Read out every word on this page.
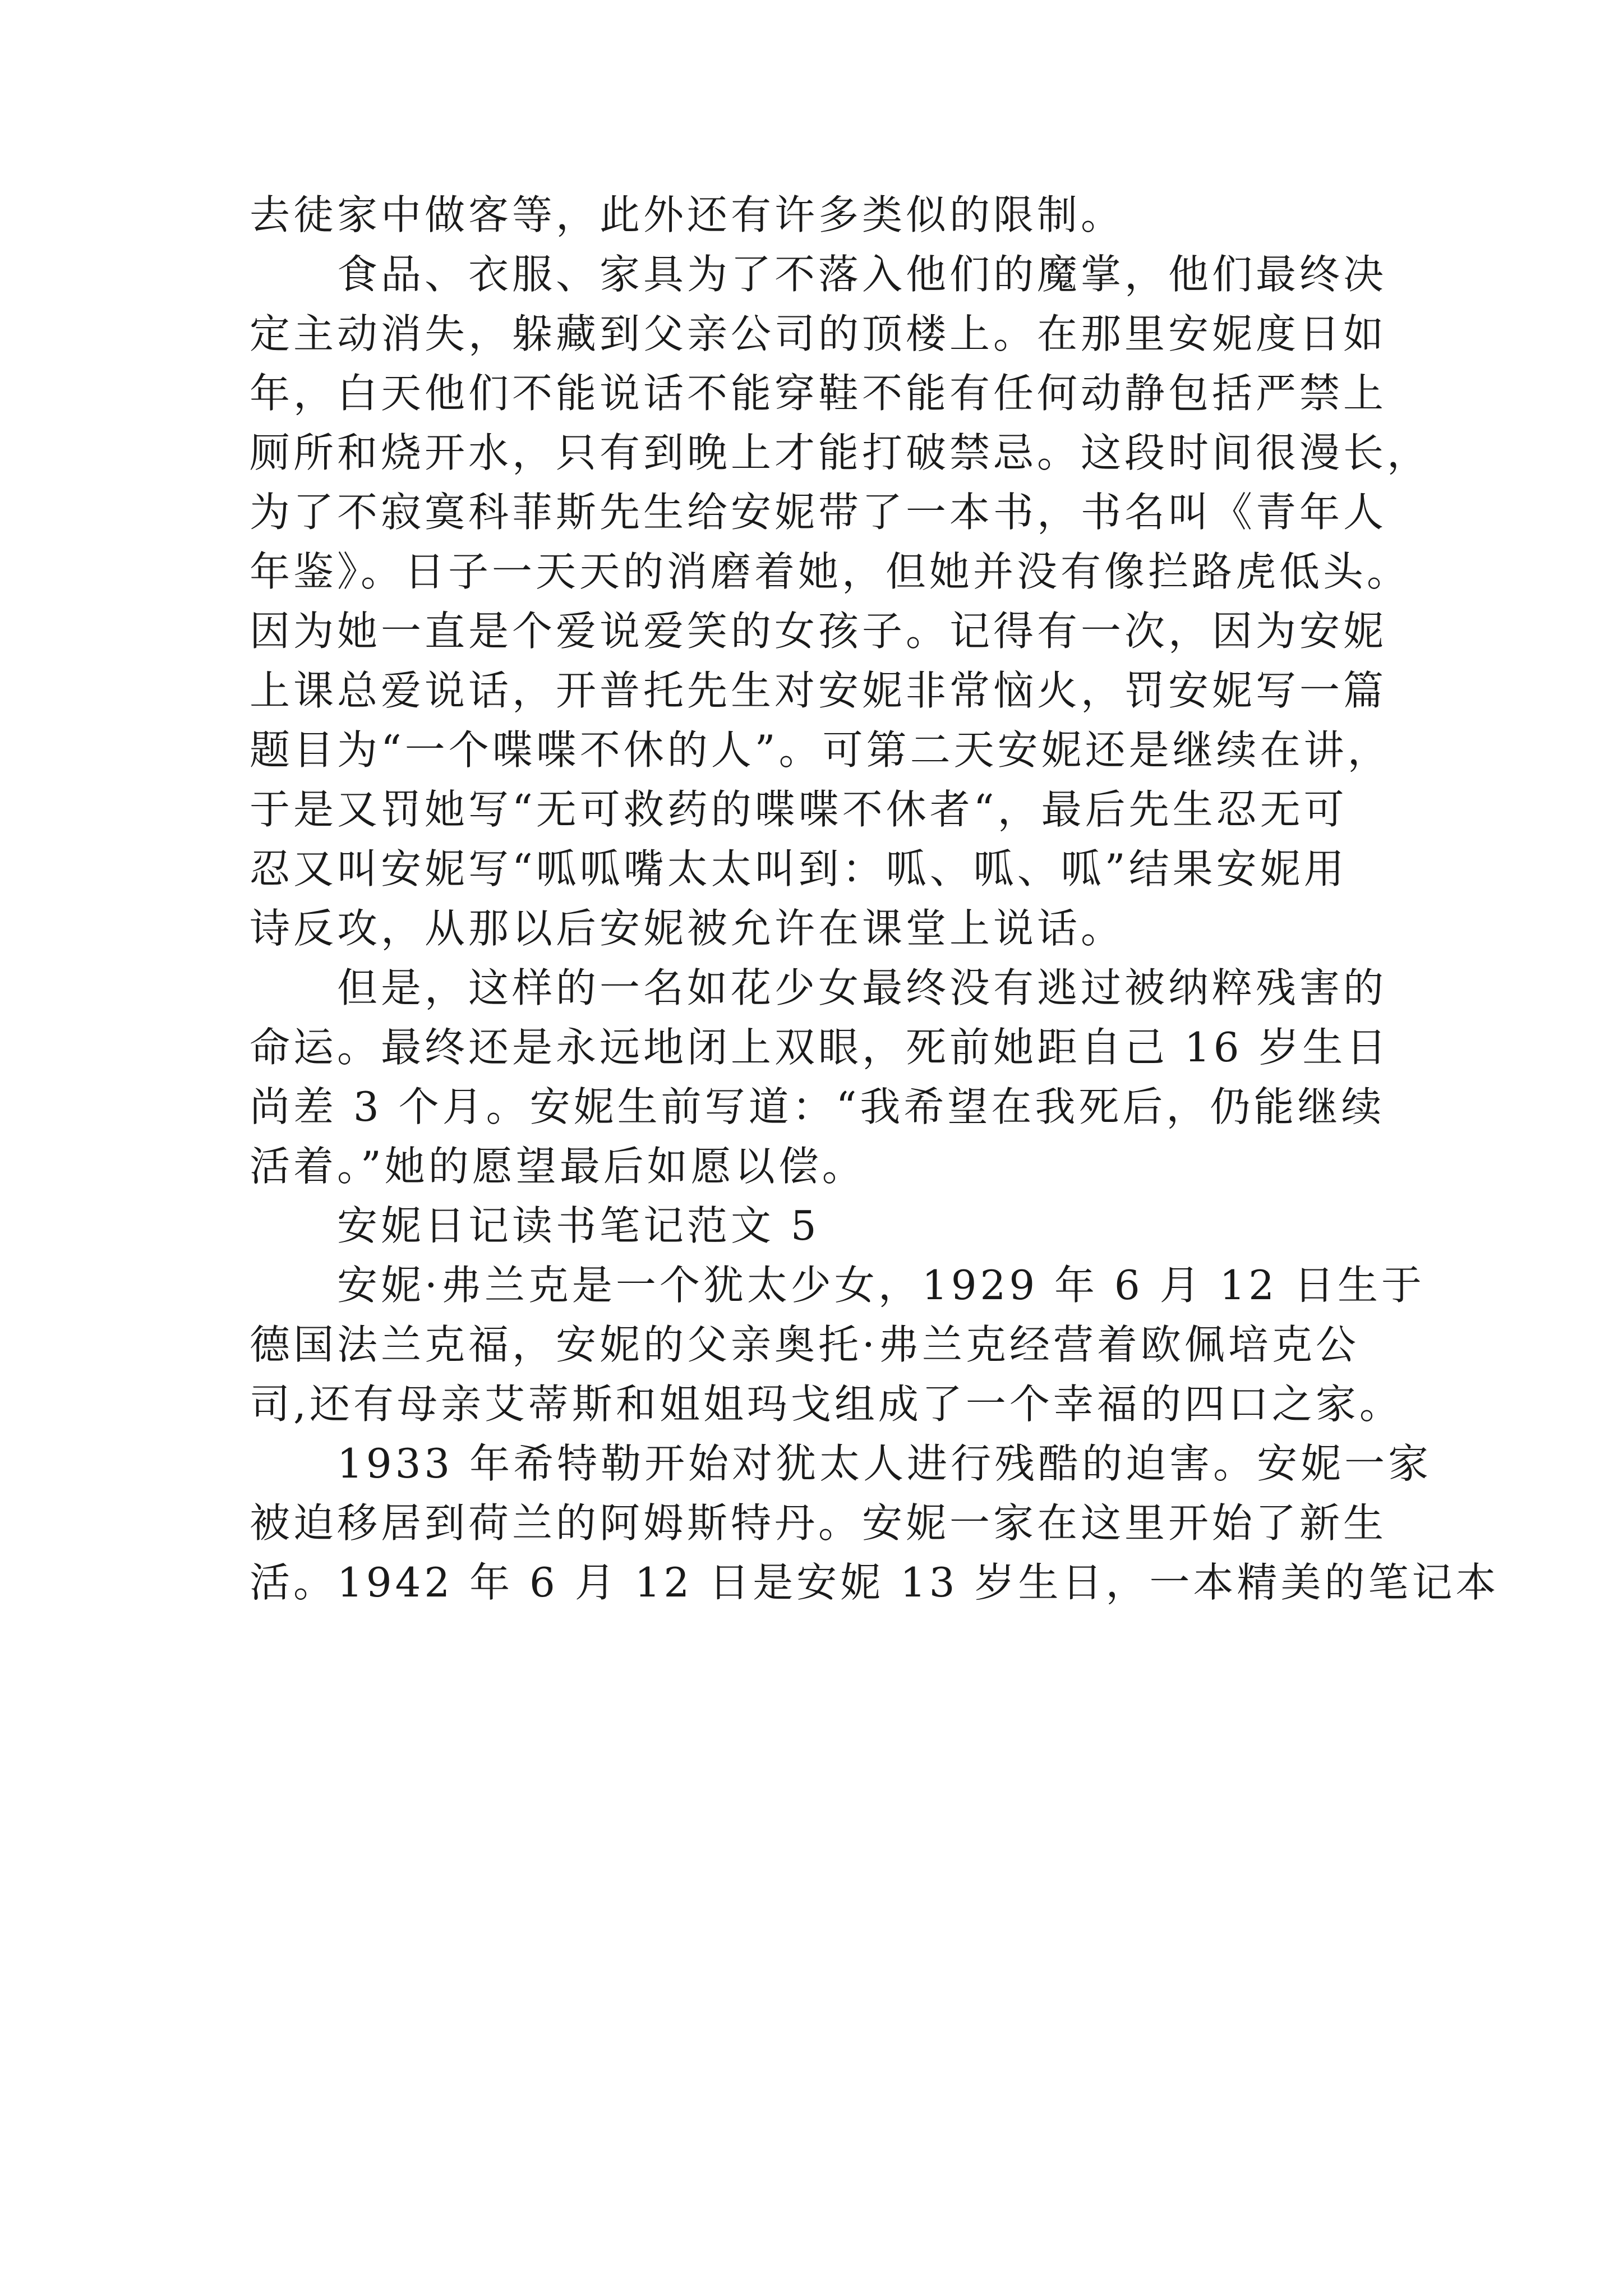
去徒家中做客等，此外还有许多类似的限制。
　　食品、衣服、家具为了不落入他们的魔掌，他们最终决
定主动消失，躲藏到父亲公司的顶楼上。在那里安妮度日如
年，白天他们不能说话不能穿鞋不能有任何动静包括严禁上
厕所和烧开水，只有到晚上才能打破禁忌。这段时间很漫长，
为了不寂寞科菲斯先生给安妮带了一本书，书名叫《青年人
年鉴》。日子一天天的消磨着她，但她并没有像拦路虎低头。
因为她一直是个爱说爱笑的女孩子。记得有一次，因为安妮
上课总爱说话，开普托先生对安妮非常恼火，罚安妮写一篇
题目为“一个喋喋不休的人”。可第二天安妮还是继续在讲，
于是又罚她写“无可救药的喋喋不休者“，最后先生忍无可
忍又叫安妮写“呱呱嘴太太叫到：呱、呱、呱”结果安妮用
诗反攻，从那以后安妮被允许在课堂上说话。
　　但是，这样的一名如花少女最终没有逃过被纳粹残害的
命运。最终还是永远地闭上双眼，死前她距自己 16 岁生日
尚差 3 个月。安妮生前写道：“我希望在我死后，仍能继续
活着。”她的愿望最后如愿以偿。
　　安妮日记读书笔记范文 5
　　安妮·弗兰克是一个犹太少女，1929 年 6 月 12 日生于
德国法兰克福，安妮的父亲奥托·弗兰克经营着欧佩培克公
司,还有母亲艾蒂斯和姐姐玛戈组成了一个幸福的四口之家。
　　1933 年希特勒开始对犹太人进行残酷的迫害。安妮一家
被迫移居到荷兰的阿姆斯特丹。安妮一家在这里开始了新生
活。1942 年 6 月 12 日是安妮 13 岁生日，一本精美的笔记本
